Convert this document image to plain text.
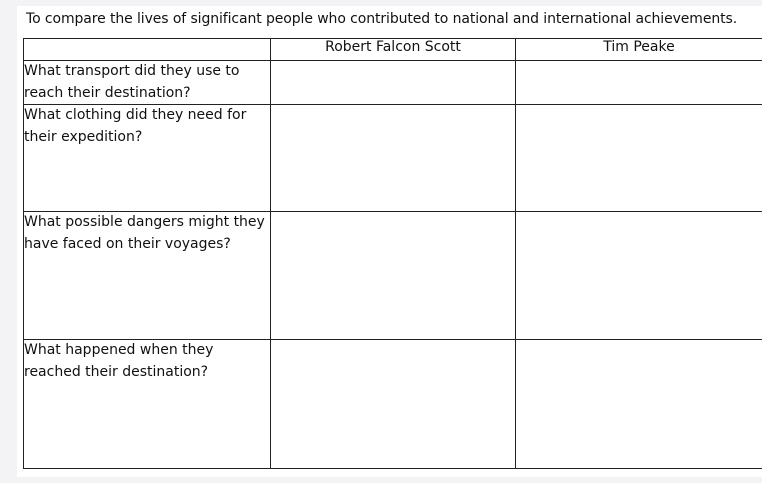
To compare the lives of significant people who contributed to national and international achievements.
	Robert Falcon Scott	Tim Peake

What transport did they use to reach their destination?		

What clothing did they need for their expedition?		

What possible dangers might they have faced on their voyages?		

What happened when they reached their destination?		
